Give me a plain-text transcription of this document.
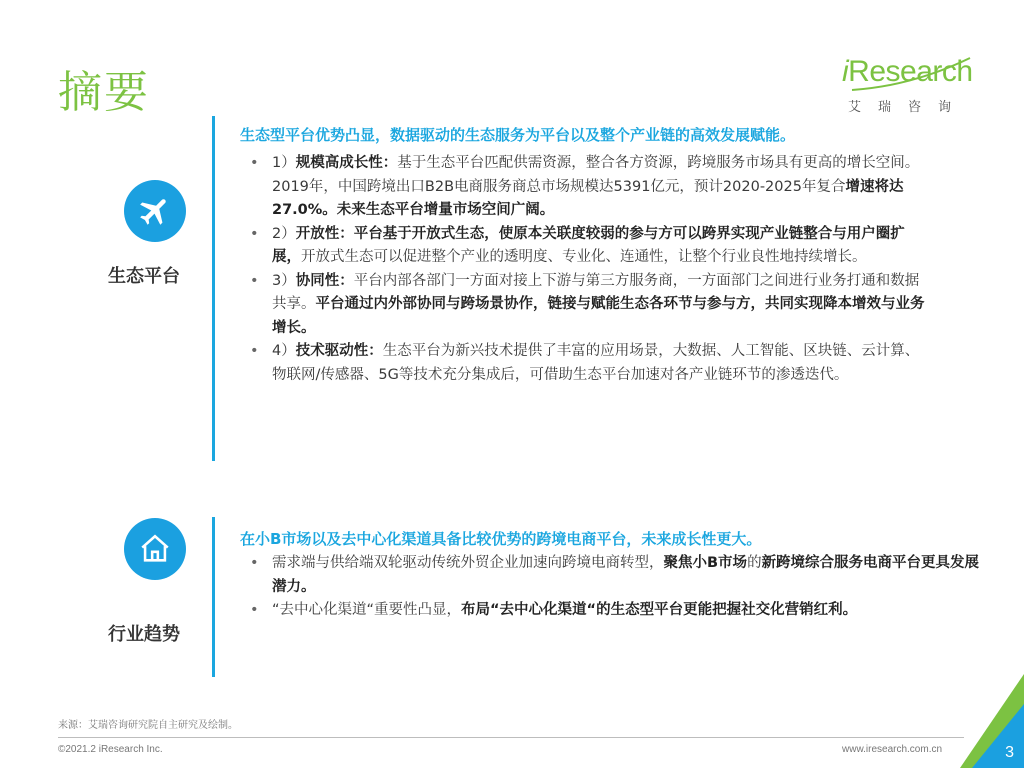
摘要	iResearch
艾瑞咨询
生态平台
生态型平台优势凸显，数据驱动的生态服务为平台以及整个产业链的高效发展赋能。
• 1）规模高成长性：基于生态平台匹配供需资源，整合各方资源，跨境服务市场具有更高的增长空间。2019年，中国跨境出口B2B电商服务商总市场规模达5391亿元，预计2020-2025年复合增速将达27.0%。未来生态平台增量市场空间广阔。
• 2）开放性：平台基于开放式生态，使原本关联度较弱的参与方可以跨界实现产业链整合与用户圈扩展，开放式生态可以促进整个产业的透明度、专业化、连通性，让整个行业良性地持续增长。
• 3）协同性：平台内部各部门一方面对接上下游与第三方服务商，一方面部门之间进行业务打通和数据共享。平台通过内外部协同与跨场景协作，链接与赋能生态各环节与参与方，共同实现降本增效与业务增长。
• 4）技术驱动性：生态平台为新兴技术提供了丰富的应用场景，大数据、人工智能、区块链、云计算、物联网/传感器、5G等技术充分集成后，可借助生态平台加速对各产业链环节的渗透迭代。
行业趋势
在小B市场以及去中心化渠道具备比较优势的跨境电商平台，未来成长性更大。
• 需求端与供给端双轮驱动传统外贸企业加速向跨境电商转型，聚焦小B市场的新跨境综合服务电商平台更具发展潜力。
• “去中心化渠道“重要性凸显，布局“去中心化渠道“的生态型平台更能把握社交化营销红利。
来源：艾瑞咨询研究院自主研究及绘制。
©2021.2 iResearch Inc.	www.iresearch.com.cn	3
